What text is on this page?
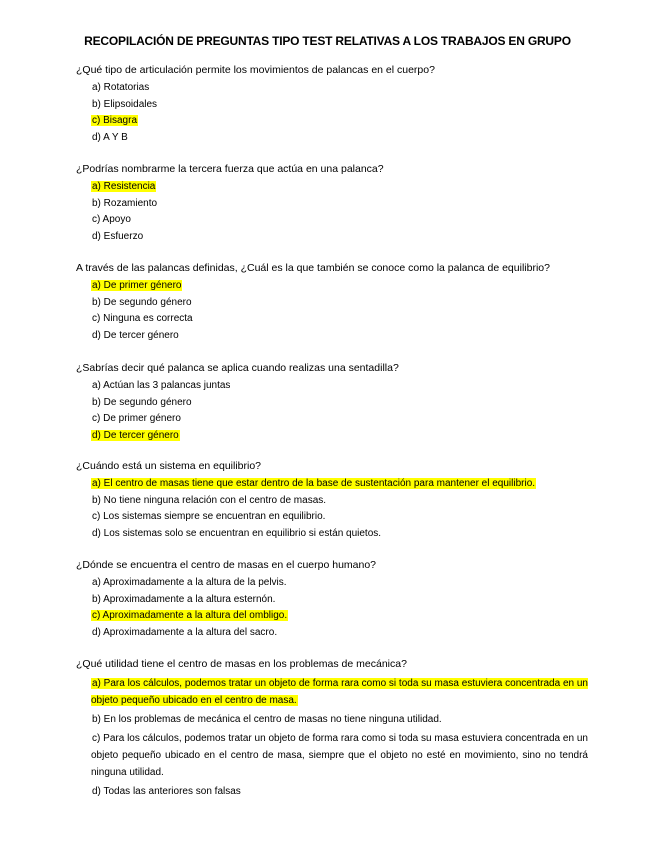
RECOPILACIÓN DE PREGUNTAS TIPO TEST RELATIVAS A LOS TRABAJOS EN GRUPO
¿Qué tipo de articulación permite los movimientos de palancas en el cuerpo?
a) Rotatorias
b) Elipsoidales
c) Bisagra
d) A Y B
¿Podrías nombrarme la tercera fuerza que actúa en una palanca?
a) Resistencia
b) Rozamiento
c) Apoyo
d) Esfuerzo
A través de las palancas definidas, ¿Cuál es la que también se conoce como la palanca de equilibrio?
a) De primer género
b) De segundo género
c) Ninguna es correcta
d) De tercer género
¿Sabrías decir qué palanca se aplica cuando realizas una sentadilla?
a) Actúan las 3 palancas juntas
b) De segundo género
c) De primer género
d) De tercer género
¿Cuándo está un sistema en equilibrio?
a) El centro de masas tiene que estar dentro de la base de sustentación para mantener el equilibrio.
b) No tiene ninguna relación con el centro de masas.
c) Los sistemas siempre se encuentran en equilibrio.
d) Los sistemas solo se encuentran en equilibrio si están quietos.
¿Dónde se encuentra el centro de masas en el cuerpo humano?
a) Aproximadamente a la altura de la pelvis.
b) Aproximadamente a la altura esternón.
c) Aproximadamente a la altura del ombligo.
d) Aproximadamente a la altura del sacro.
¿Qué utilidad tiene el centro de masas en los problemas de mecánica?
a) Para los cálculos, podemos tratar un objeto de forma rara como si toda su masa estuviera concentrada en un objeto pequeño ubicado en el centro de masa.
b) En los problemas de mecánica el centro de masas no tiene ninguna utilidad.
c) Para los cálculos, podemos tratar un objeto de forma rara como si toda su masa estuviera concentrada en un objeto pequeño ubicado en el centro de masa, siempre que el objeto no esté en movimiento, sino no tendrá ninguna utilidad.
d) Todas las anteriores son falsas
